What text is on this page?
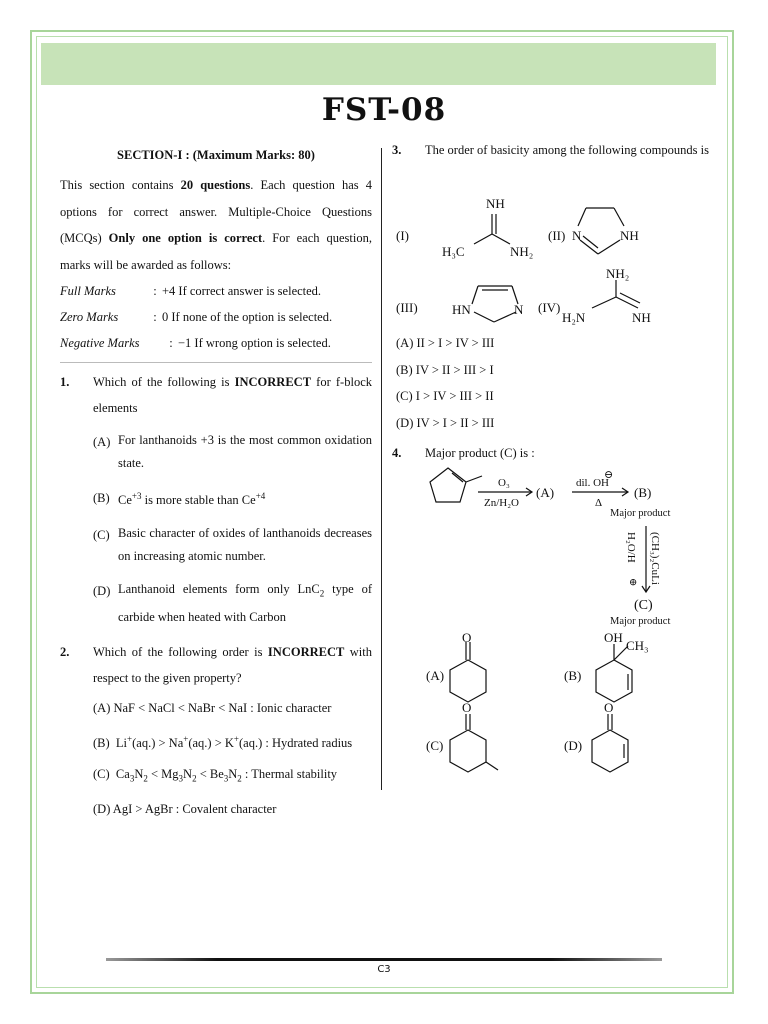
FST-08
SECTION-I : (Maximum Marks: 80)
This section contains 20 questions. Each question has 4 options for correct answer. Multiple-Choice Questions (MCQs) Only one option is correct. For each question, marks will be awarded as follows:
Full Marks	: +4 If correct answer is selected.
Zero Marks	: 0 If none of the option is selected.
Negative Marks	: −1 If wrong option is selected.
1.	Which of the following is INCORRECT for f-block elements
(A) For lanthanoids +3 is the most common oxidation state.
(B) $Ce^{+3}$ is more stable than $Ce^{+4}$
(C) Basic character of oxides of lanthanoids decreases on increasing atomic number.
(D) Lanthanoid elements form only LnC$_2$ type of carbide when heated with Carbon
2.	Which of the following order is INCORRECT with respect to the given property?
(A) NaF < NaCl < NaBr < NaI : Ionic character
(B) Li+(aq.) > Na+(aq.) > K+(aq.) : Hydrated radius
(C) $Ca_3N_2 < Mg_3N_2 < Be_3N_2$ : Thermal stability
(D) AgI > AgBr : Covalent character
3.	The order of basicity among the following compounds is
(I)
NH
H₃C	NH₂
(II) N	NH
(III)	HN	N (IV)
NH₂
H₂N	NH
(A) II > I > IV > III
(B) IV > II > III > I
(C) I > IV > III > II
(D) IV > I > II > III
4.	Major product (C) is :
O₃
Zn/H₂O
(A)
⊖
dil. OH
Δ
(B)
Major product
(CH₃)₂CuLi
H₂O/H
⊕
(C)
Major product
(A)
O
(B)
OH
CH₃
(C)
O
(D)
O
C3
